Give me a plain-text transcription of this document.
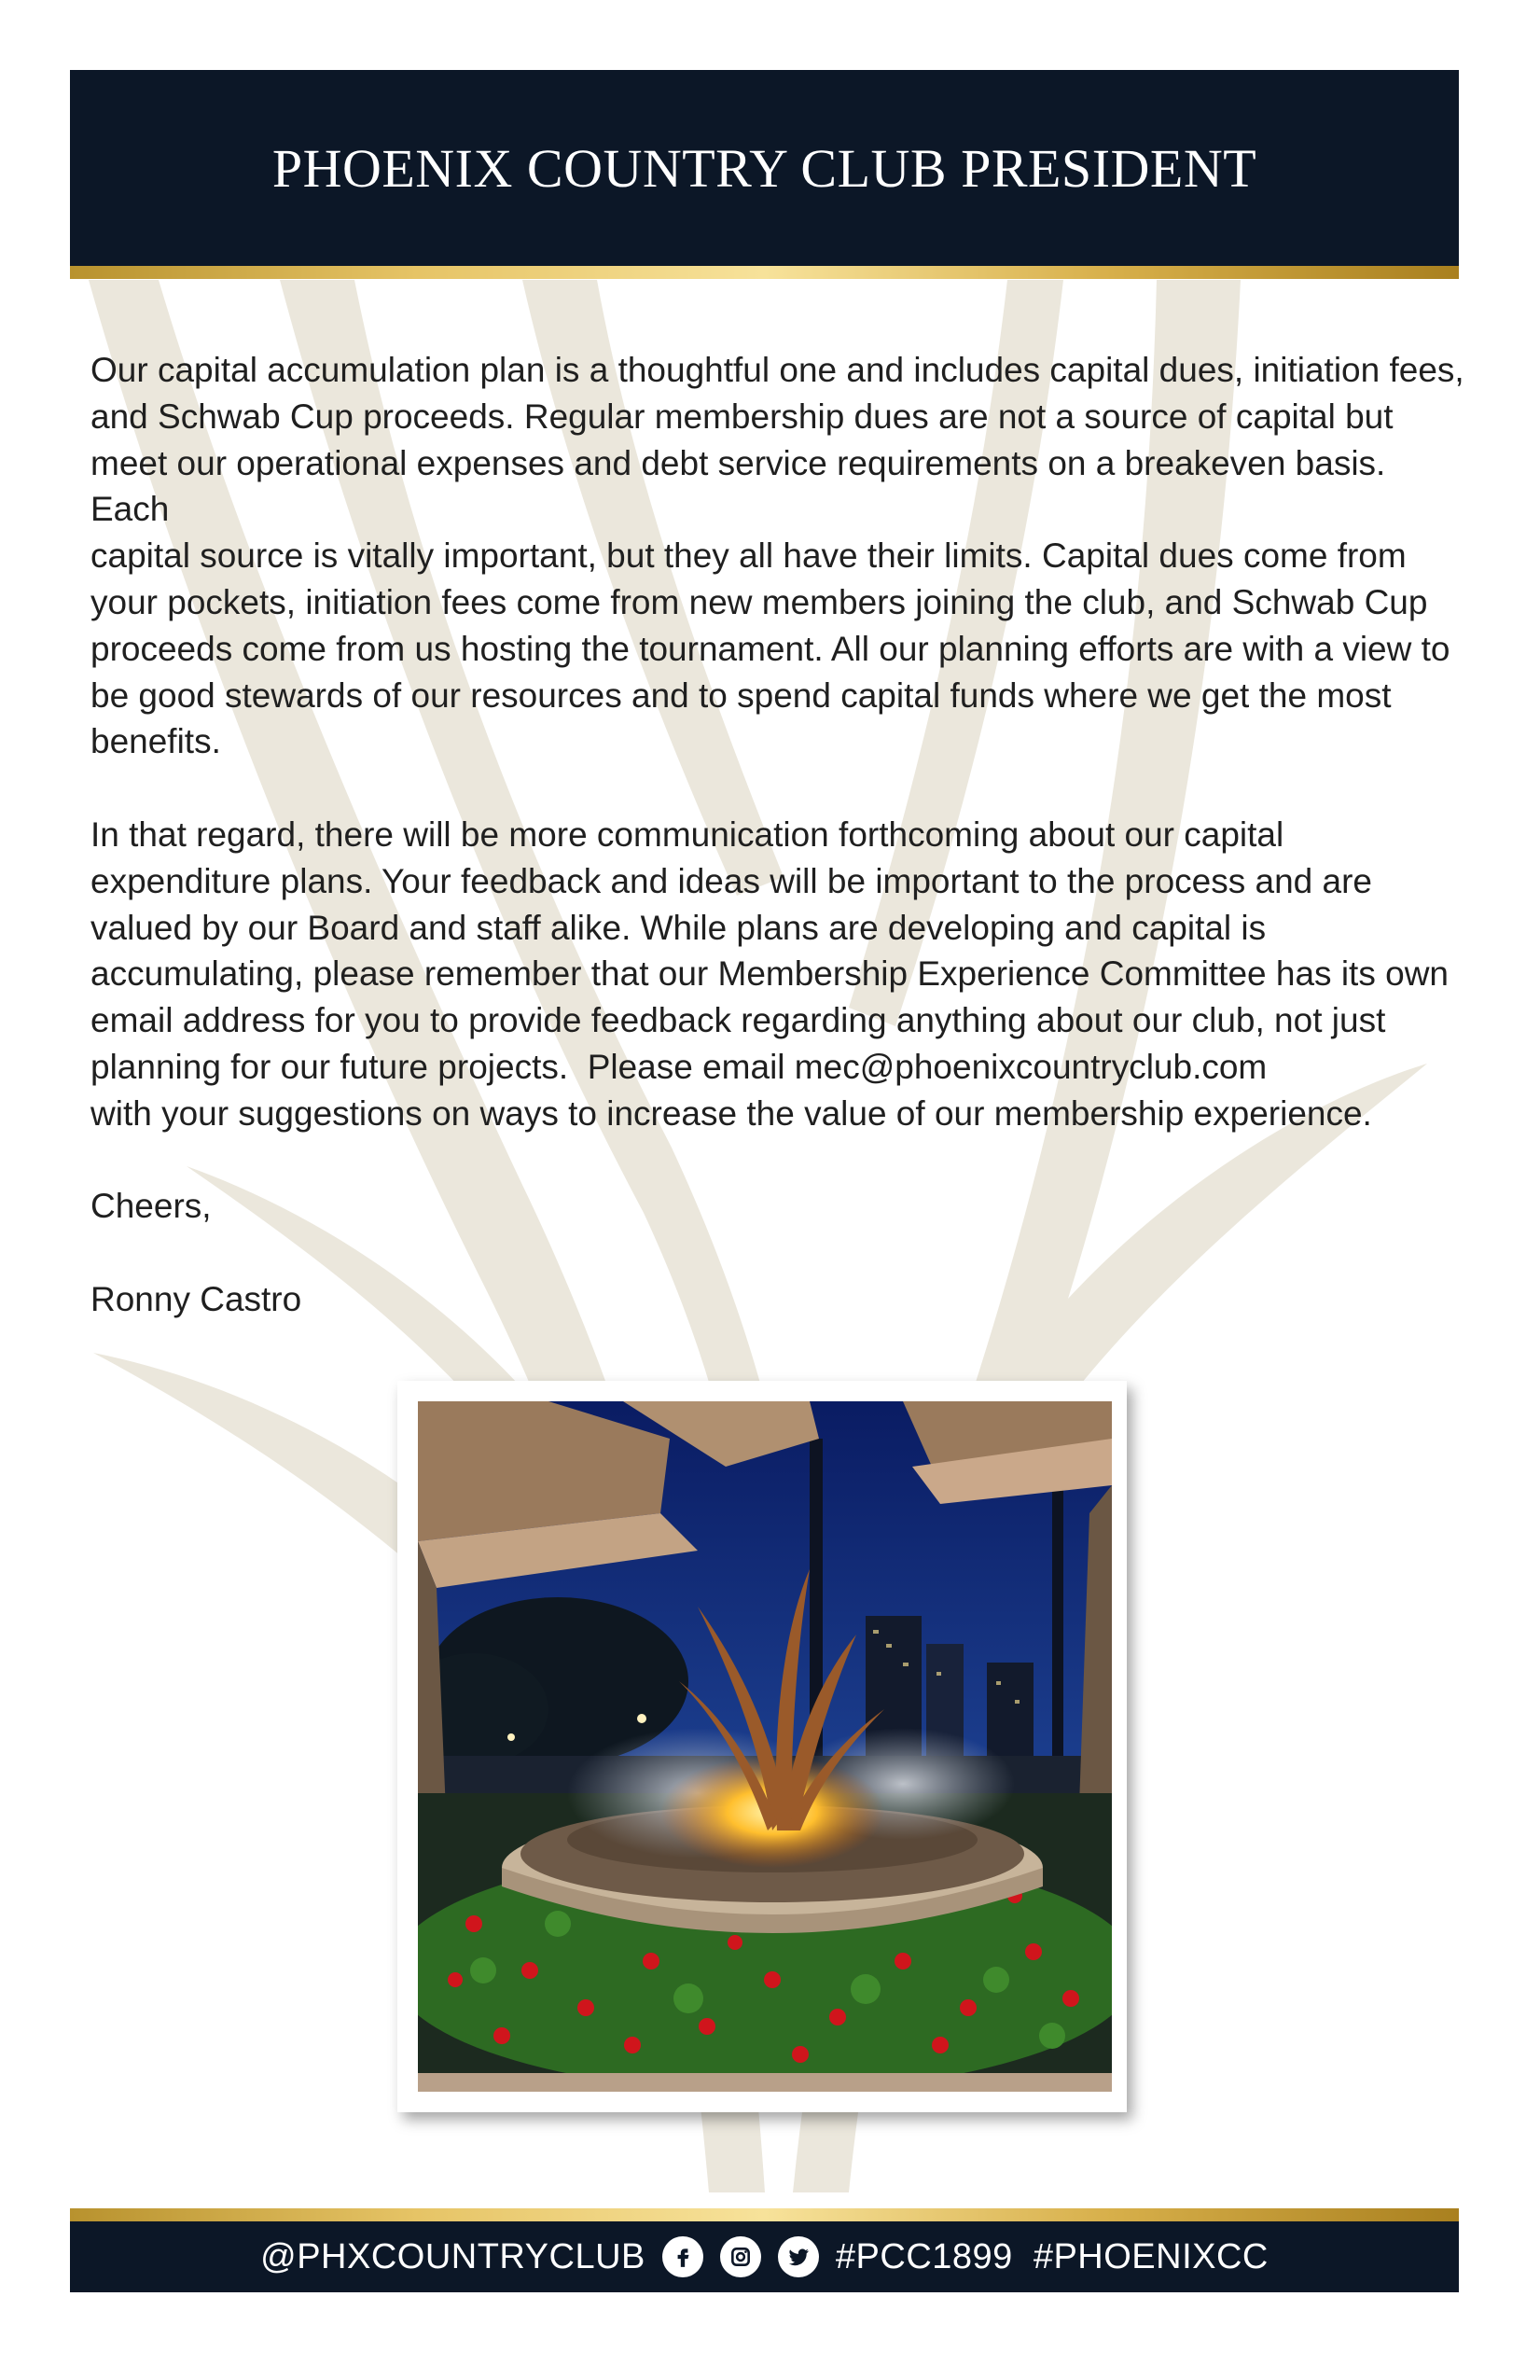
PHOENIX COUNTRY CLUB PRESIDENT

Our capital accumulation plan is a thoughtful one and includes capital dues, initiation fees,
and Schwab Cup proceeds. Regular membership dues are not a source of capital but
meet our operational expenses and debt service requirements on a breakeven basis. Each
capital source is vitally important, but they all have their limits. Capital dues come from
your pockets, initiation fees come from new members joining the club, and Schwab Cup
proceeds come from us hosting the tournament. All our planning efforts are with a view to
be good stewards of our resources and to spend capital funds where we get the most
benefits.

In that regard, there will be more communication forthcoming about our capital
expenditure plans. Your feedback and ideas will be important to the process and are
valued by our Board and staff alike. While plans are developing and capital is
accumulating, please remember that our Membership Experience Committee has its own
email address for you to provide feedback regarding anything about our club, not just
planning for our future projects.  Please email mec@phoenixcountryclub.com
with your suggestions on ways to increase the value of our membership experience.

Cheers,

Ronny Castro

@PHXCOUNTRYCLUB	#PCC1899 #PHOENIXCC
